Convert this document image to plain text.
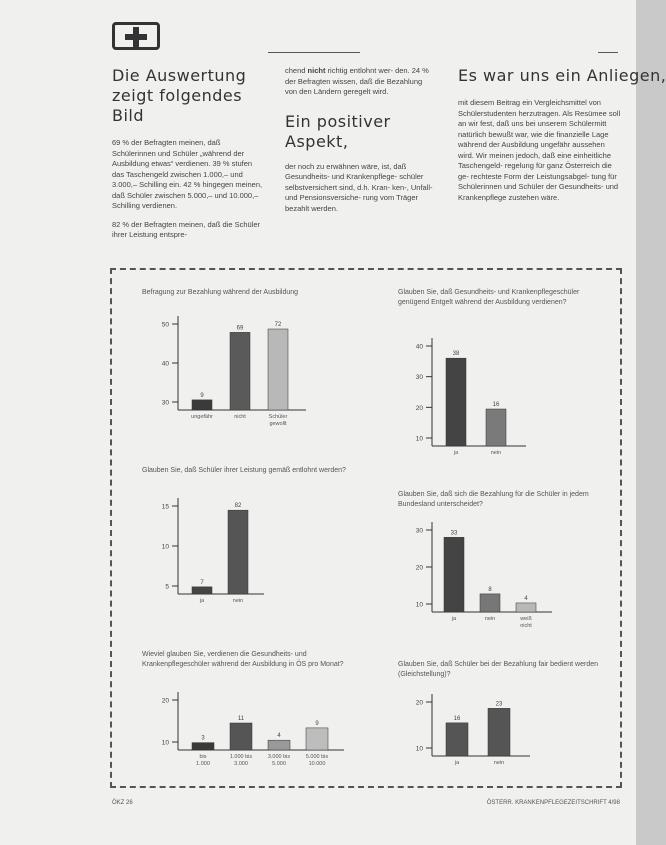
Die Auswertung zeigt folgendes Bild

69 % der Befragten meinen, daß Schülerinnen und Schüler „während der Ausbildung etwas“ verdienen. 39 % stufen das Taschengeld zwischen 1.000,– und 3.000,– Schilling ein. 42 % hingegen meinen, daß Schüler zwischen 5.000,– und 10.000,– Schilling verdienen.

82 % der Befragten meinen, daß die Schüler ihrer Leistung entspre-

chend nicht richtig entlohnt wer- den. 24 % der Befragten wissen, daß die Bezahlung von den Ländern geregelt wird.

Ein positiver Aspekt,

der noch zu erwähnen wäre, ist, daß Gesundheits- und Krankenpflege- schüler selbstversichert sind, d.h. Kran- ken-, Unfall- und Pensionsversiche- rung vom Träger bezahlt werden.

Es war uns ein Anliegen,

mit diesem Beitrag ein Vergleichsmittel von Schülerstudenten herzutragen. Als Resümee soll an wir fest, daß uns bei unserem Schülermitt natürlich bewußt war, wie die finanzielle Lage während der Ausbildung ungefähr aussehen wird. Wir meinen jedoch, daß eine einheitliche Taschengeld- regelung für ganz Österreich die ge- rechteste Form der Leistungsabgel- tung für Schülerinnen und Schüler der Gesundheits- und Krankenpflege zustehen wäre.

Befragung zur Bezahlung während der Ausbildung	Glauben Sie, daß Gesundheits- und Krankenpflegeschüler genügend Entgelt während der Ausbildung verdienen?
Glauben Sie, daß Schüler ihrer Leistung gemäß entlohnt werden?
Glauben Sie, daß sich die Bezahlung für die Schüler in jedem Bundesland unterscheidet?
Wieviel glauben Sie, verdienen die Gesundheits- und Krankenpflegeschüler während der Ausbildung in ÖS pro Monat?	Glauben Sie, daß Schüler bei der Bezahlung fair bedient werden (Gleichstellung)?
50
40
30
9
ungefähr
69
nicht
72
Schüler
gewollt
40
30
20
10
38
ja
16
nein
15
10
5
7
ja
82
nein
30
20
10
33
ja
8
nein
4
weiß
nicht
20
10
3
bis
1.000
11
1.000 bis
3.000
4
3.000 bis
5.000
9
5.000 bis
10.000
20
10
16
ja
23
nein
ÖKZ 26	ÖSTERR. KRANKENPFLEGEZEITSCHRIFT 4/98
